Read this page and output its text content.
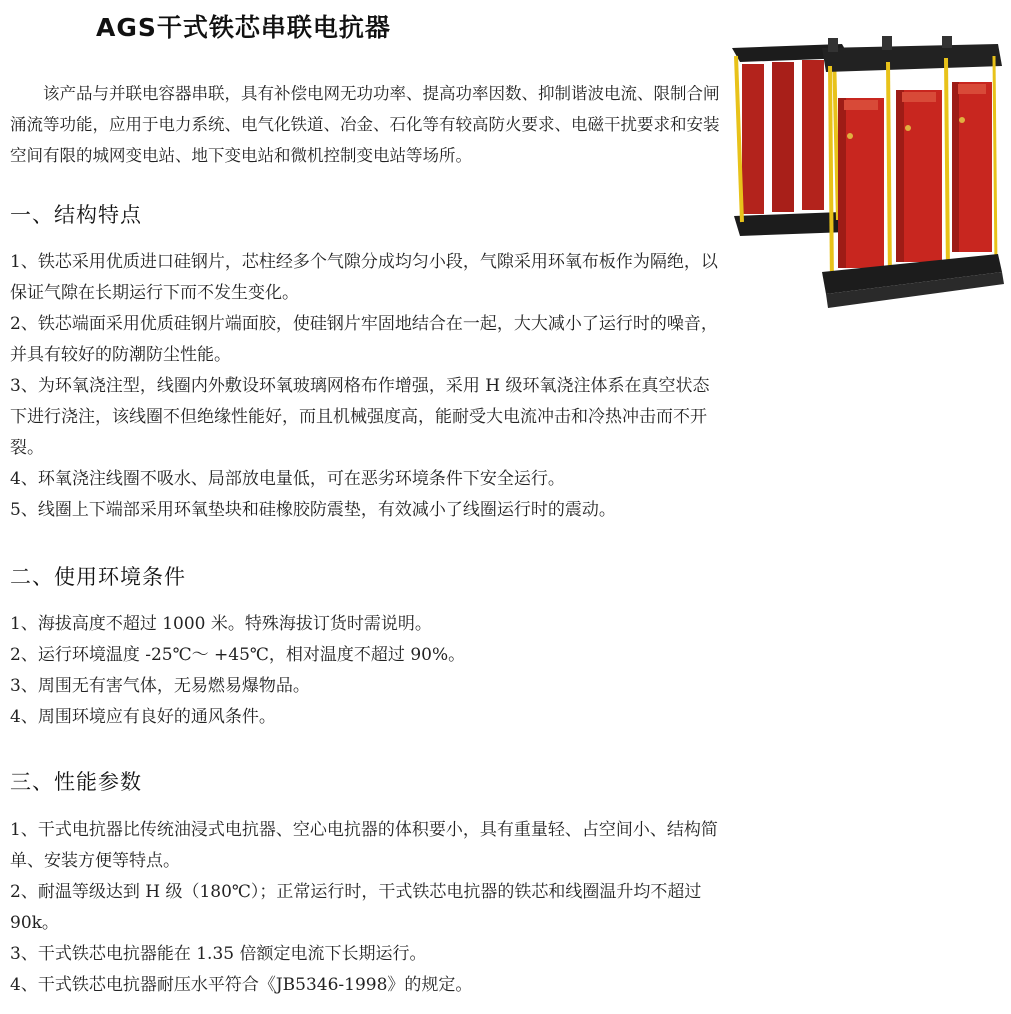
AGS干式铁芯串联电抗器
该产品与并联电容器串联，具有补偿电网无功功率、提高功率因数、抑制谐波电流、限制合闸涌流等功能，应用于电力系统、电气化铁道、冶金、石化等有较高防火要求、电磁干扰要求和安装空间有限的城网变电站、地下变电站和微机控制变电站等场所。
一、结构特点
1、铁芯采用优质进口硅钢片，芯柱经多个气隙分成均匀小段，气隙采用环氧布板作为隔绝，以保证气隙在长期运行下而不发生变化。
2、铁芯端面采用优质硅钢片端面胶，使硅钢片牢固地结合在一起，大大减小了运行时的噪音，并具有较好的防潮防尘性能。
3、为环氧浇注型，线圈内外敷设环氧玻璃网格布作增强，采用 H 级环氧浇注体系在真空状态下进行浇注，该线圈不但绝缘性能好，而且机械强度高，能耐受大电流冲击和冷热冲击而不开裂。
4、环氧浇注线圈不吸水、局部放电量低，可在恶劣环境条件下安全运行。
5、线圈上下端部采用环氧垫块和硅橡胶防震垫，有效减小了线圈运行时的震动。
二、使用环境条件
1、海拔高度不超过 1000 米。特殊海拔订货时需说明。
2、运行环境温度 -25℃～ +45℃，相对温度不超过 90%。
3、周围无有害气体，无易燃易爆物品。
4、周围环境应有良好的通风条件。
三、性能参数
1、干式电抗器比传统油浸式电抗器、空心电抗器的体积要小，具有重量轻、占空间小、结构简单、安装方便等特点。
2、耐温等级达到 H 级（180℃）；正常运行时，干式铁芯电抗器的铁芯和线圈温升均不超过 90k。
3、干式铁芯电抗器能在 1.35 倍额定电流下长期运行。
4、干式铁芯电抗器耐压水平符合《JB5346-1998》的规定。
